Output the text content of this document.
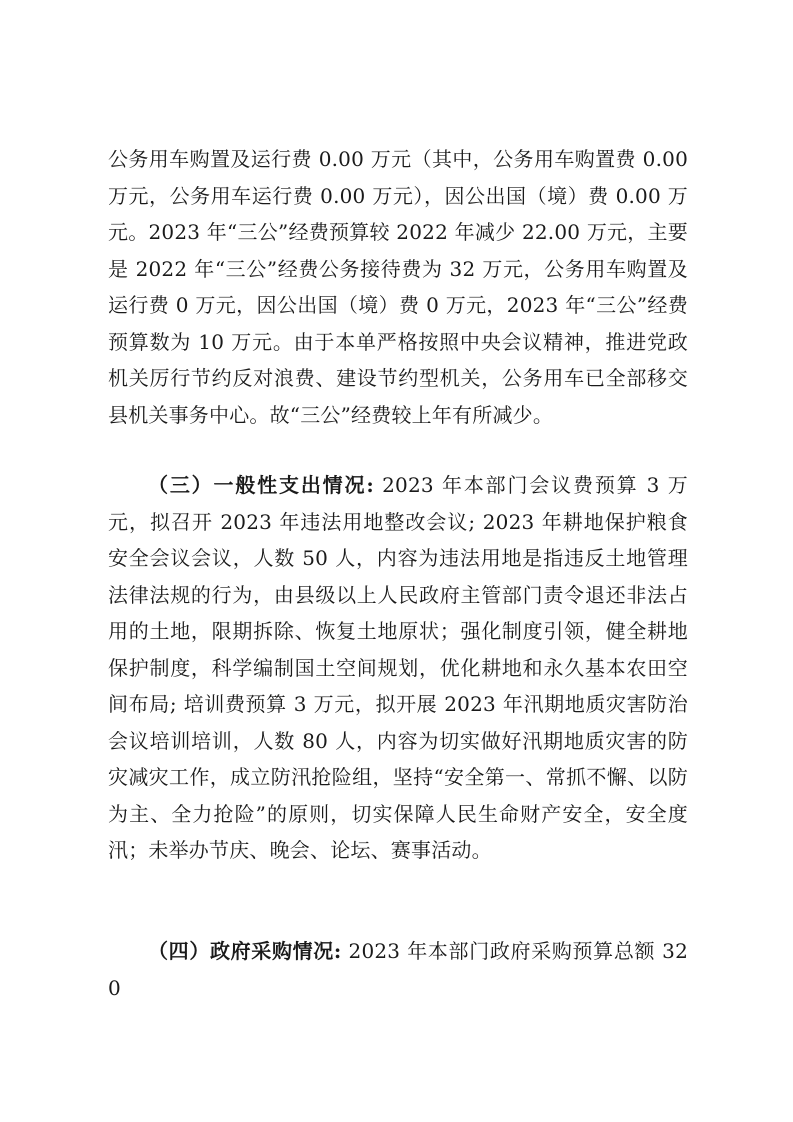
公务用车购置及运行费 0.00 万元（其中，公务用车购置费 0.00 万元，公务用车运行费 0.00 万元），因公出国（境）费 0.00 万元。2023 年“三公”经费预算较 2022 年减少 22.00 万元，主要是 2022 年“三公”经费公务接待费为 32 万元，公务用车购置及运行费 0 万元，因公出国（境）费 0 万元，2023 年“三公”经费预算数为 10 万元。由于本单严格按照中央会议精神，推进党政机关厉行节约反对浪费、建设节约型机关，公务用车已全部移交县机关事务中心。故“三公”经费较上年有所减少。

（三）一般性支出情况: 2023 年本部门会议费预算 3 万元，拟召开 2023 年违法用地整改会议; 2023 年耕地保护粮食安全会议会议，人数 50 人，内容为违法用地是指违反土地管理法律法规的行为，由县级以上人民政府主管部门责令退还非法占用的土地，限期拆除、恢复土地原状；强化制度引领，健全耕地保护制度，科学编制国土空间规划，优化耕地和永久基本农田空间布局; 培训费预算 3 万元，拟开展 2023 年汛期地质灾害防治会议培训培训，人数 80 人，内容为切实做好汛期地质灾害的防灾减灾工作，成立防汛抢险组，坚持“安全第一、常抓不懈、以防为主、全力抢险”的原则，切实保障人民生命财产安全，安全度汛；未举办节庆、晚会、论坛、赛事活动。

（四）政府采购情况: 2023 年本部门政府采购预算总额 320
